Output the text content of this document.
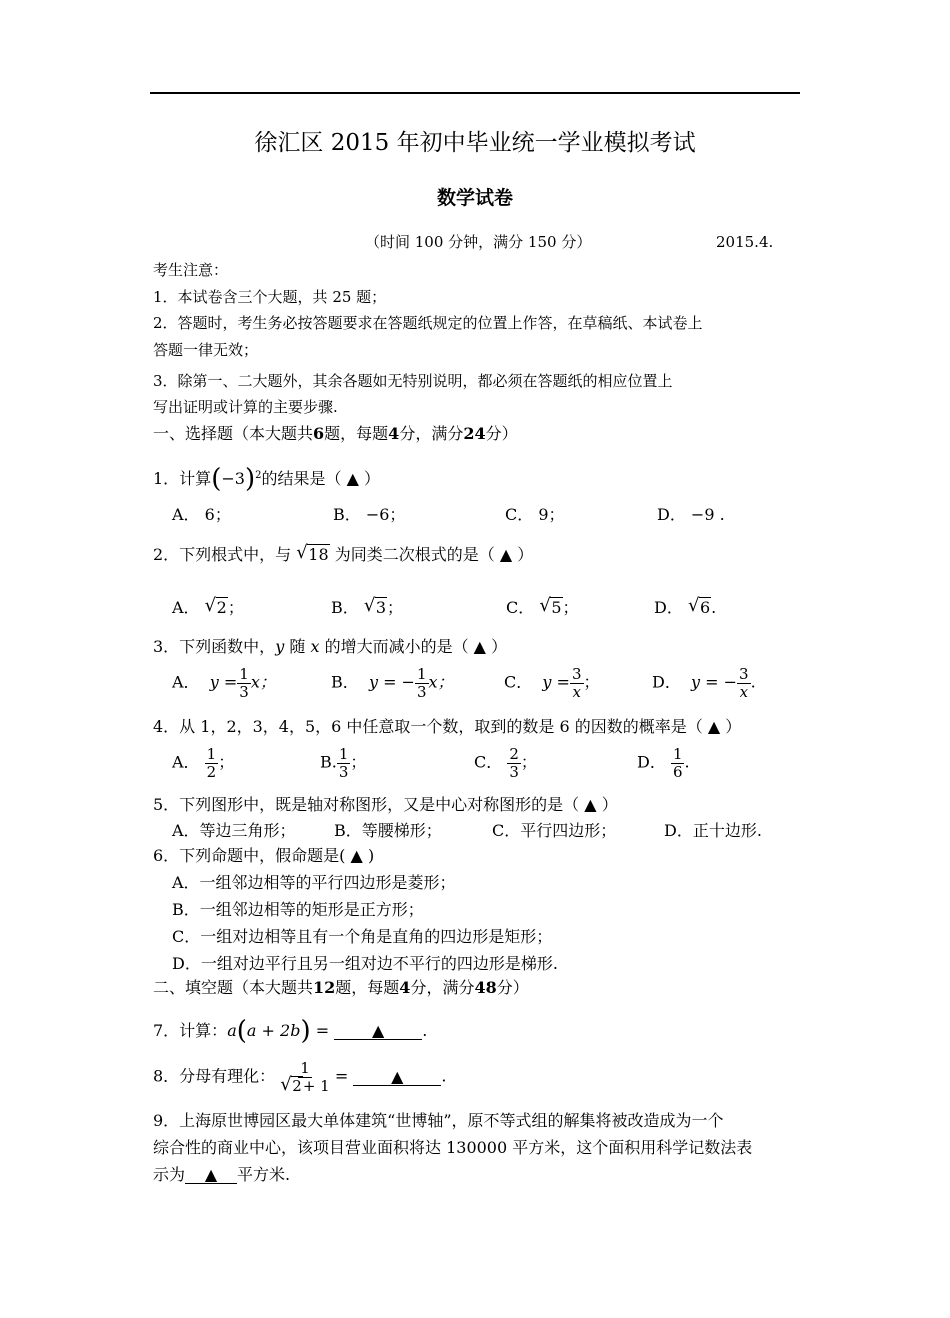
徐汇区 2015 年初中毕业统一学业模拟考试
数学试卷
（时间 100 分钟，满分 150 分）	2015.4.
考生注意：
1．本试卷含三个大题，共 25 题；
2．答题时，考生务必按答题要求在答题纸规定的位置上作答，在草稿纸、本试卷上
答题一律无效；
3．除第一、二大题外，其余各题如无特别说明，都必须在答题纸的相应位置上
写出证明或计算的主要步骤.
一、选择题（本大题共6题，每题4分，满分24分）
1．计算$(-3)^2$的结果是（ ▲ ）
A． 6；	B． −6；	C． 9；	D． −9 .
2．下列根式中，与 √ 18 为同类二次根式的是（ ▲ ）
A． √ 2；	B． √ 3；	C． √ 5；	D． √ 6.
3．下列函数中，y 随 x 的增大而减小的是（ ▲ ）
A． $y = \frac{1}{3}$ x；	B． y = − $\frac{1}{3}$ x；	C． $y = \frac{3}{x}$ ；	D． y = − $\frac{3}{x}$ .
4．从 1，2，3，4，5，6 中任意取一个数，取到的数是 6 的因数的概率是（ ▲ ）
A． $\frac{1}{2}$ ；	B. $\frac{1}{3}$ ；	C． $\frac{2}{3}$ ；	D． $\frac{1}{6}$ .
5．下列图形中，既是轴对称图形，又是中心对称图形的是（ ▲ ）
A．等边三角形； B．等腰梯形；	C．平行四边形；	D．正十边形.
6．下列命题中，假命题是( ▲ )
A．一组邻边相等的平行四边形是菱形；
B．一组邻边相等的矩形是正方形；
C．一组对边相等且有一个角是直角的四边形是矩形；
D．一组对边平行且另一组对边不平行的四边形是梯形.
二、填空题（本大题共12题，每题4分，满分48分）
7．计算：a(a + 2b) =	▲ .
8．分母有理化： $\frac{1}{√ 2+ 1}$ =	▲ .
9．上海原世博园区最大单体建筑“世博轴”，原不等式组的解集将被改造成为一个
综合性的商业中心，该项目营业面积将达 130000 平方米，这个面积用科学记数法表
示为 ▲ 平方米.
